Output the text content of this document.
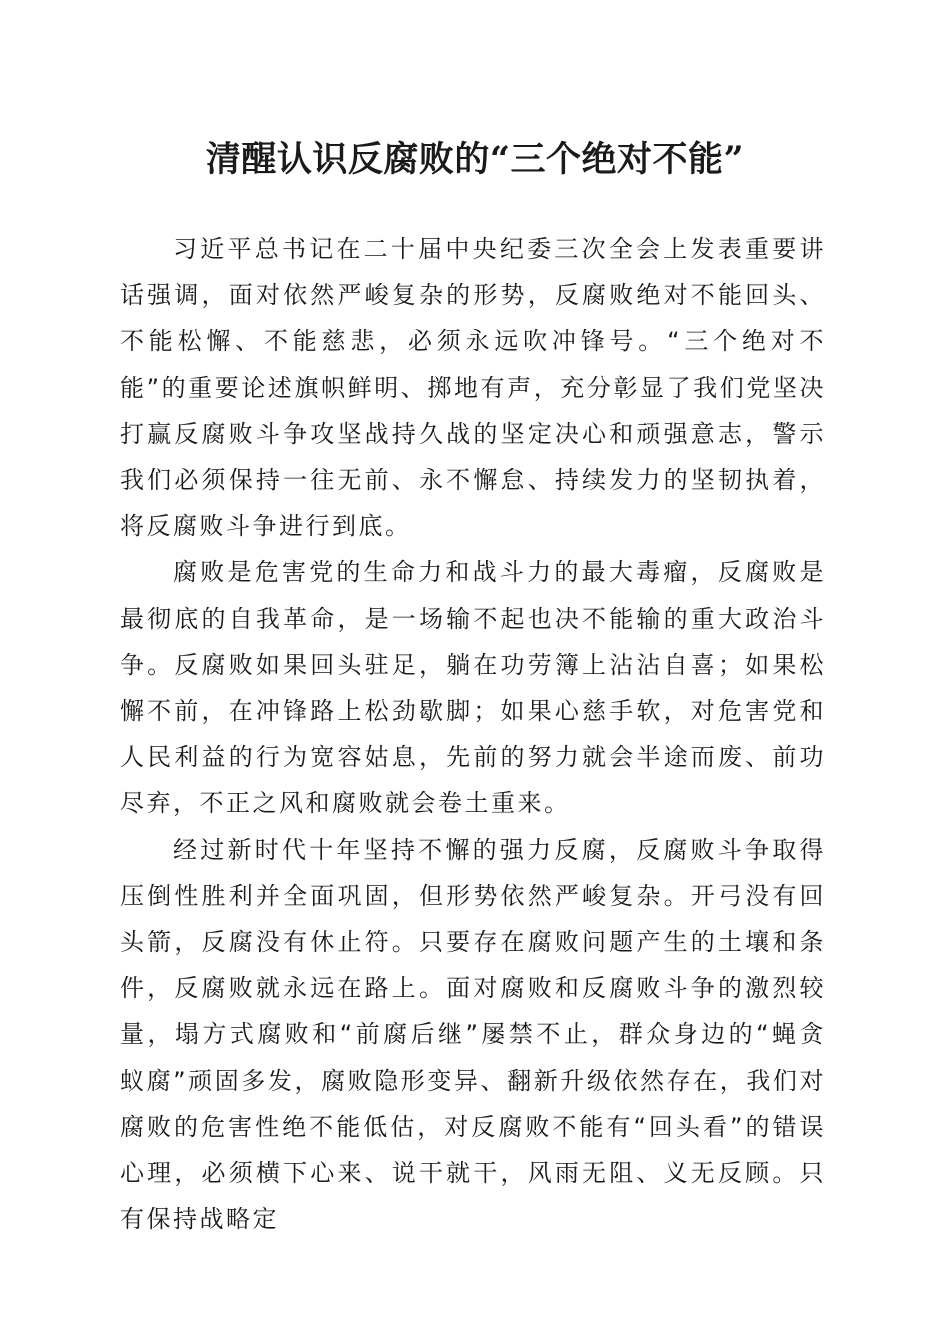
清醒认识反腐败的“三个绝对不能”

习近平总书记在二十届中央纪委三次全会上发表重要讲话强调，面对依然严峻复杂的形势，反腐败绝对不能回头、不能松懈、不能慈悲，必须永远吹冲锋号。“三个绝对不能”的重要论述旗帜鲜明、掷地有声，充分彰显了我们党坚决打赢反腐败斗争攻坚战持久战的坚定决心和顽强意志，警示我们必须保持一往无前、永不懈怠、持续发力的坚韧执着，将反腐败斗争进行到底。

腐败是危害党的生命力和战斗力的最大毒瘤，反腐败是最彻底的自我革命，是一场输不起也决不能输的重大政治斗争。反腐败如果回头驻足，躺在功劳簿上沾沾自喜；如果松懈不前，在冲锋路上松劲歇脚；如果心慈手软，对危害党和人民利益的行为宽容姑息，先前的努力就会半途而废、前功尽弃，不正之风和腐败就会卷土重来。

经过新时代十年坚持不懈的强力反腐，反腐败斗争取得压倒性胜利并全面巩固，但形势依然严峻复杂。开弓没有回头箭，反腐没有休止符。只要存在腐败问题产生的土壤和条件，反腐败就永远在路上。面对腐败和反腐败斗争的激烈较量，塌方式腐败和“前腐后继”屡禁不止，群众身边的“蝇贪蚁腐”顽固多发，腐败隐形变异、翻新升级依然存在，我们对腐败的危害性绝不能低估，对反腐败不能有“回头看”的错误心理，必须横下心来、说干就干，风雨无阻、义无反顾。只有保持战略定
